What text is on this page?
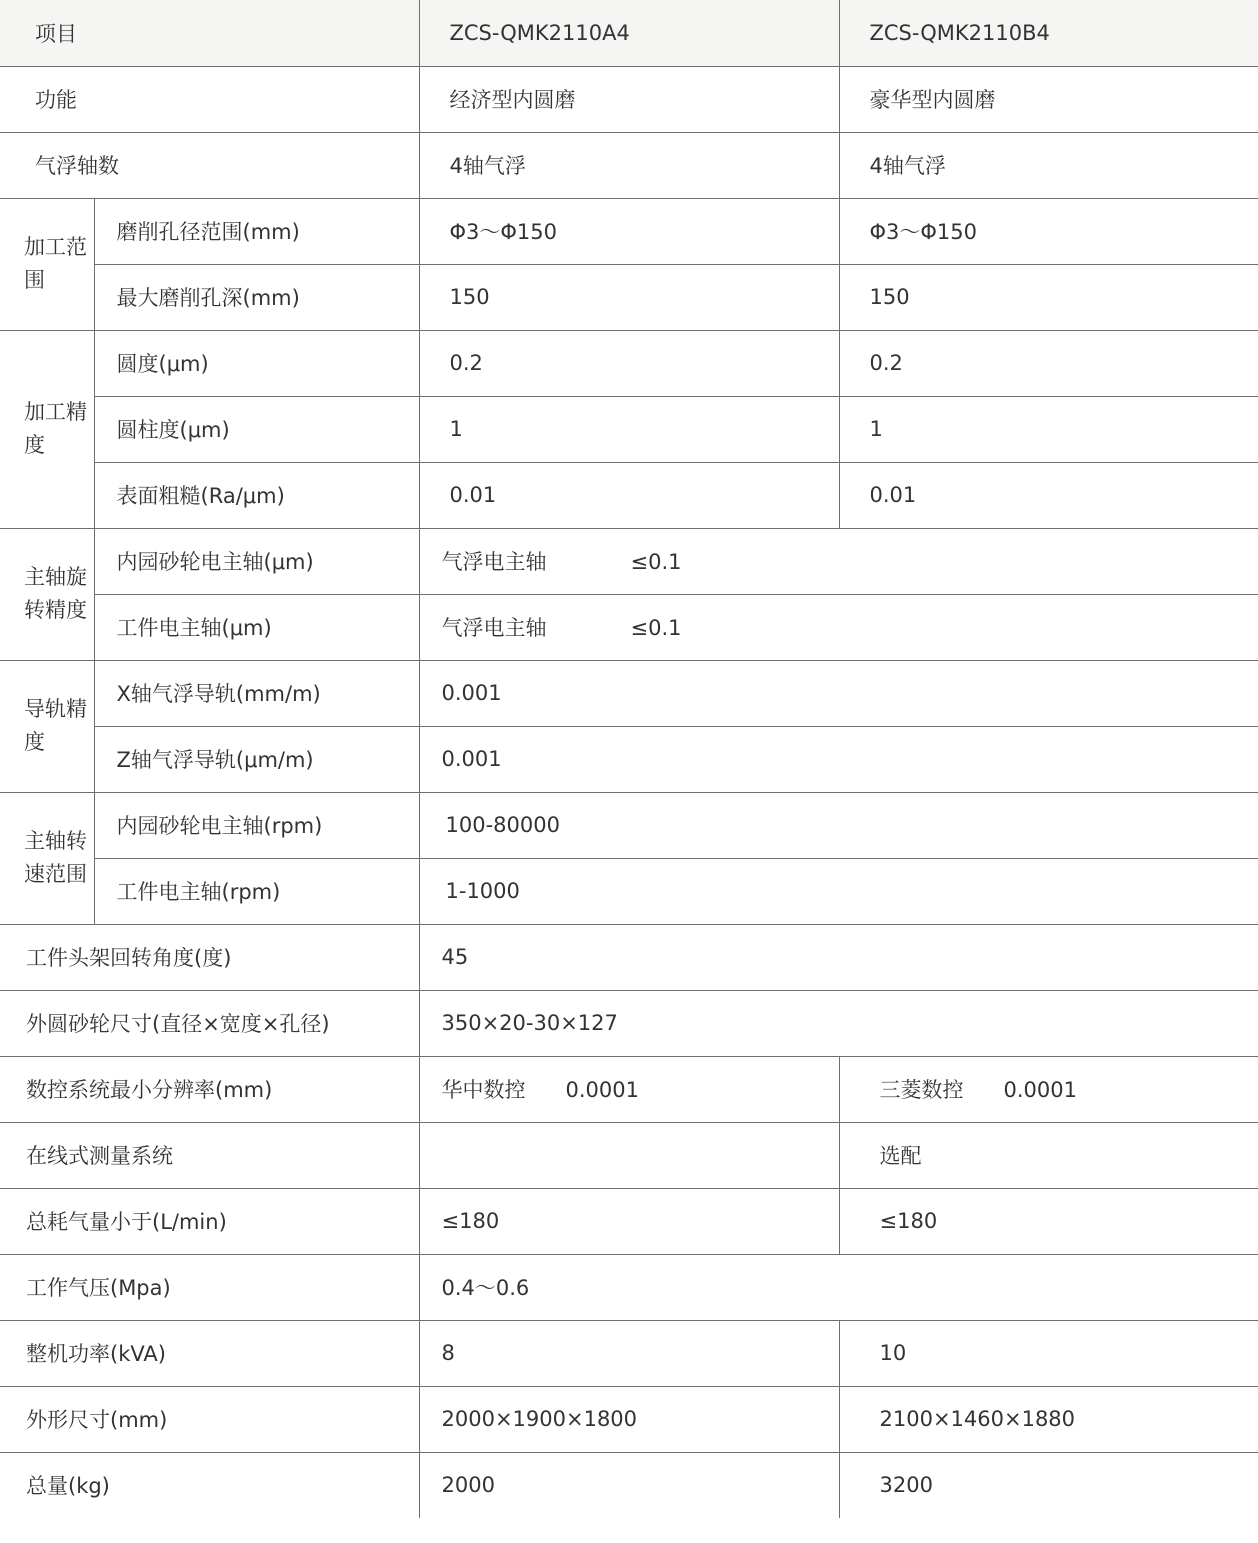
项目		ZCS-QMK2110A4	ZCS-QMK2110B4
功能		经济型内圆磨	豪华型内圆磨
气浮轴数		4轴气浮	4轴气浮
加工范围	磨削孔径范围(mm)	Φ3～Φ150	Φ3～Φ150
	最大磨削孔深(mm)	150	150
加工精度	圆度(μm)	0.2	0.2
	圆柱度(μm)	1	1
	表面粗糙(Ra/μm)	0.01	0.01
主轴旋转精度	内园砂轮电主轴(μm)	气浮电主轴 ≤0.1	
	工件电主轴(μm)	气浮电主轴 ≤0.1	
导轨精度	X轴气浮导轨(mm/m)	0.001	
	Z轴气浮导轨(μm/m)	0.001	
主轴转速范围	内园砂轮电主轴(rpm)	100-80000	
	工件电主轴(rpm)	1-1000	
工件头架回转角度(度)		45	
外圆砂轮尺寸(直径×宽度×孔径)		350×20-30×127	
数控系统最小分辨率(mm)		华中数控 0.0001	三菱数控 0.0001
在线式测量系统			选配
总耗气量小于(L/min)		≤180	≤180
工作气压(Mpa)		0.4～0.6	
整机功率(kVA)		8	10
外形尺寸(mm)		2000×1900×1800	2100×1460×1880
总量(kg)		2000	3200
